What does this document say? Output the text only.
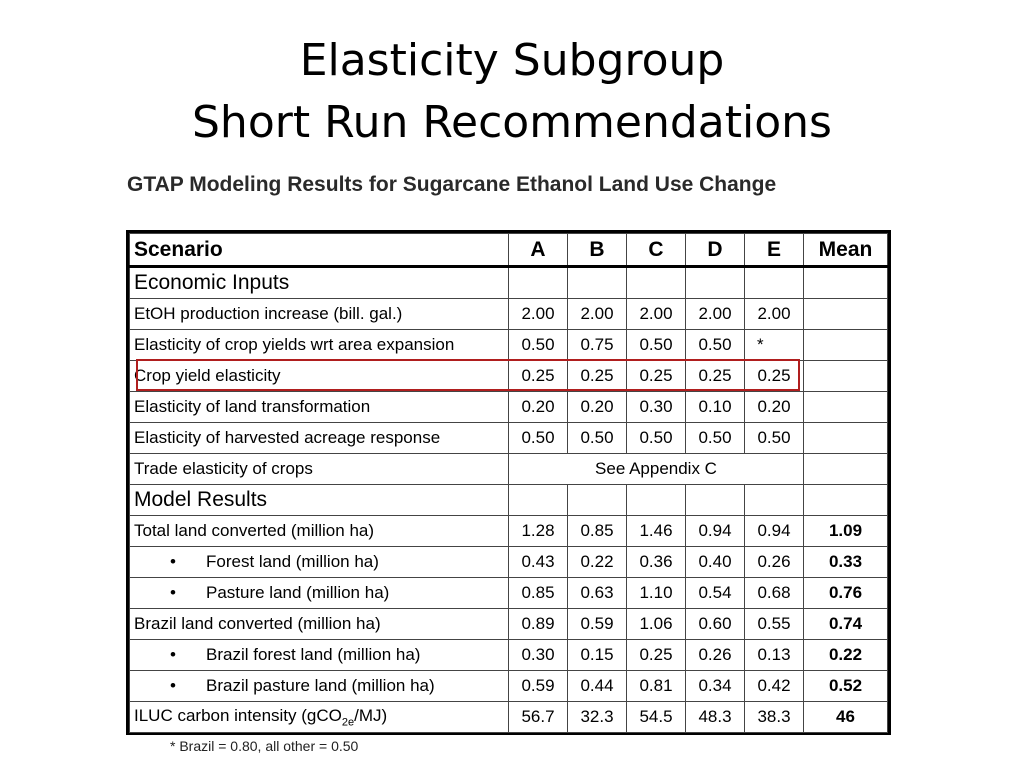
Elasticity Subgroup
Short Run Recommendations
GTAP Modeling Results for Sugarcane Ethanol Land Use Change
Scenario	A	B	C	D	E	Mean
Economic Inputs						
EtOH production increase (bill. gal.)	2.00	2.00	2.00	2.00	2.00	
Elasticity of crop yields wrt area expansion	0.50	0.75	0.50	0.50	*	
Crop yield elasticity	0.25	0.25	0.25	0.25	0.25	
Elasticity of land transformation	0.20	0.20	0.30	0.10	0.20	
Elasticity of harvested acreage response	0.50	0.50	0.50	0.50	0.50	
Trade elasticity of crops	See Appendix C					
Model Results						
Total land converted (million ha)	1.28	0.85	1.46	0.94	0.94	1.09
• Forest land (million ha)	0.43	0.22	0.36	0.40	0.26	0.33
• Pasture land (million ha)	0.85	0.63	1.10	0.54	0.68	0.76
Brazil land converted (million ha)	0.89	0.59	1.06	0.60	0.55	0.74
• Brazil forest land (million ha)	0.30	0.15	0.25	0.26	0.13	0.22
• Brazil pasture land (million ha)	0.59	0.44	0.81	0.34	0.42	0.52
ILUC carbon intensity (gCO$_{2e}$/MJ)	56.7	32.3	54.5	48.3	38.3	46
* Brazil = 0.80, all other = 0.50
